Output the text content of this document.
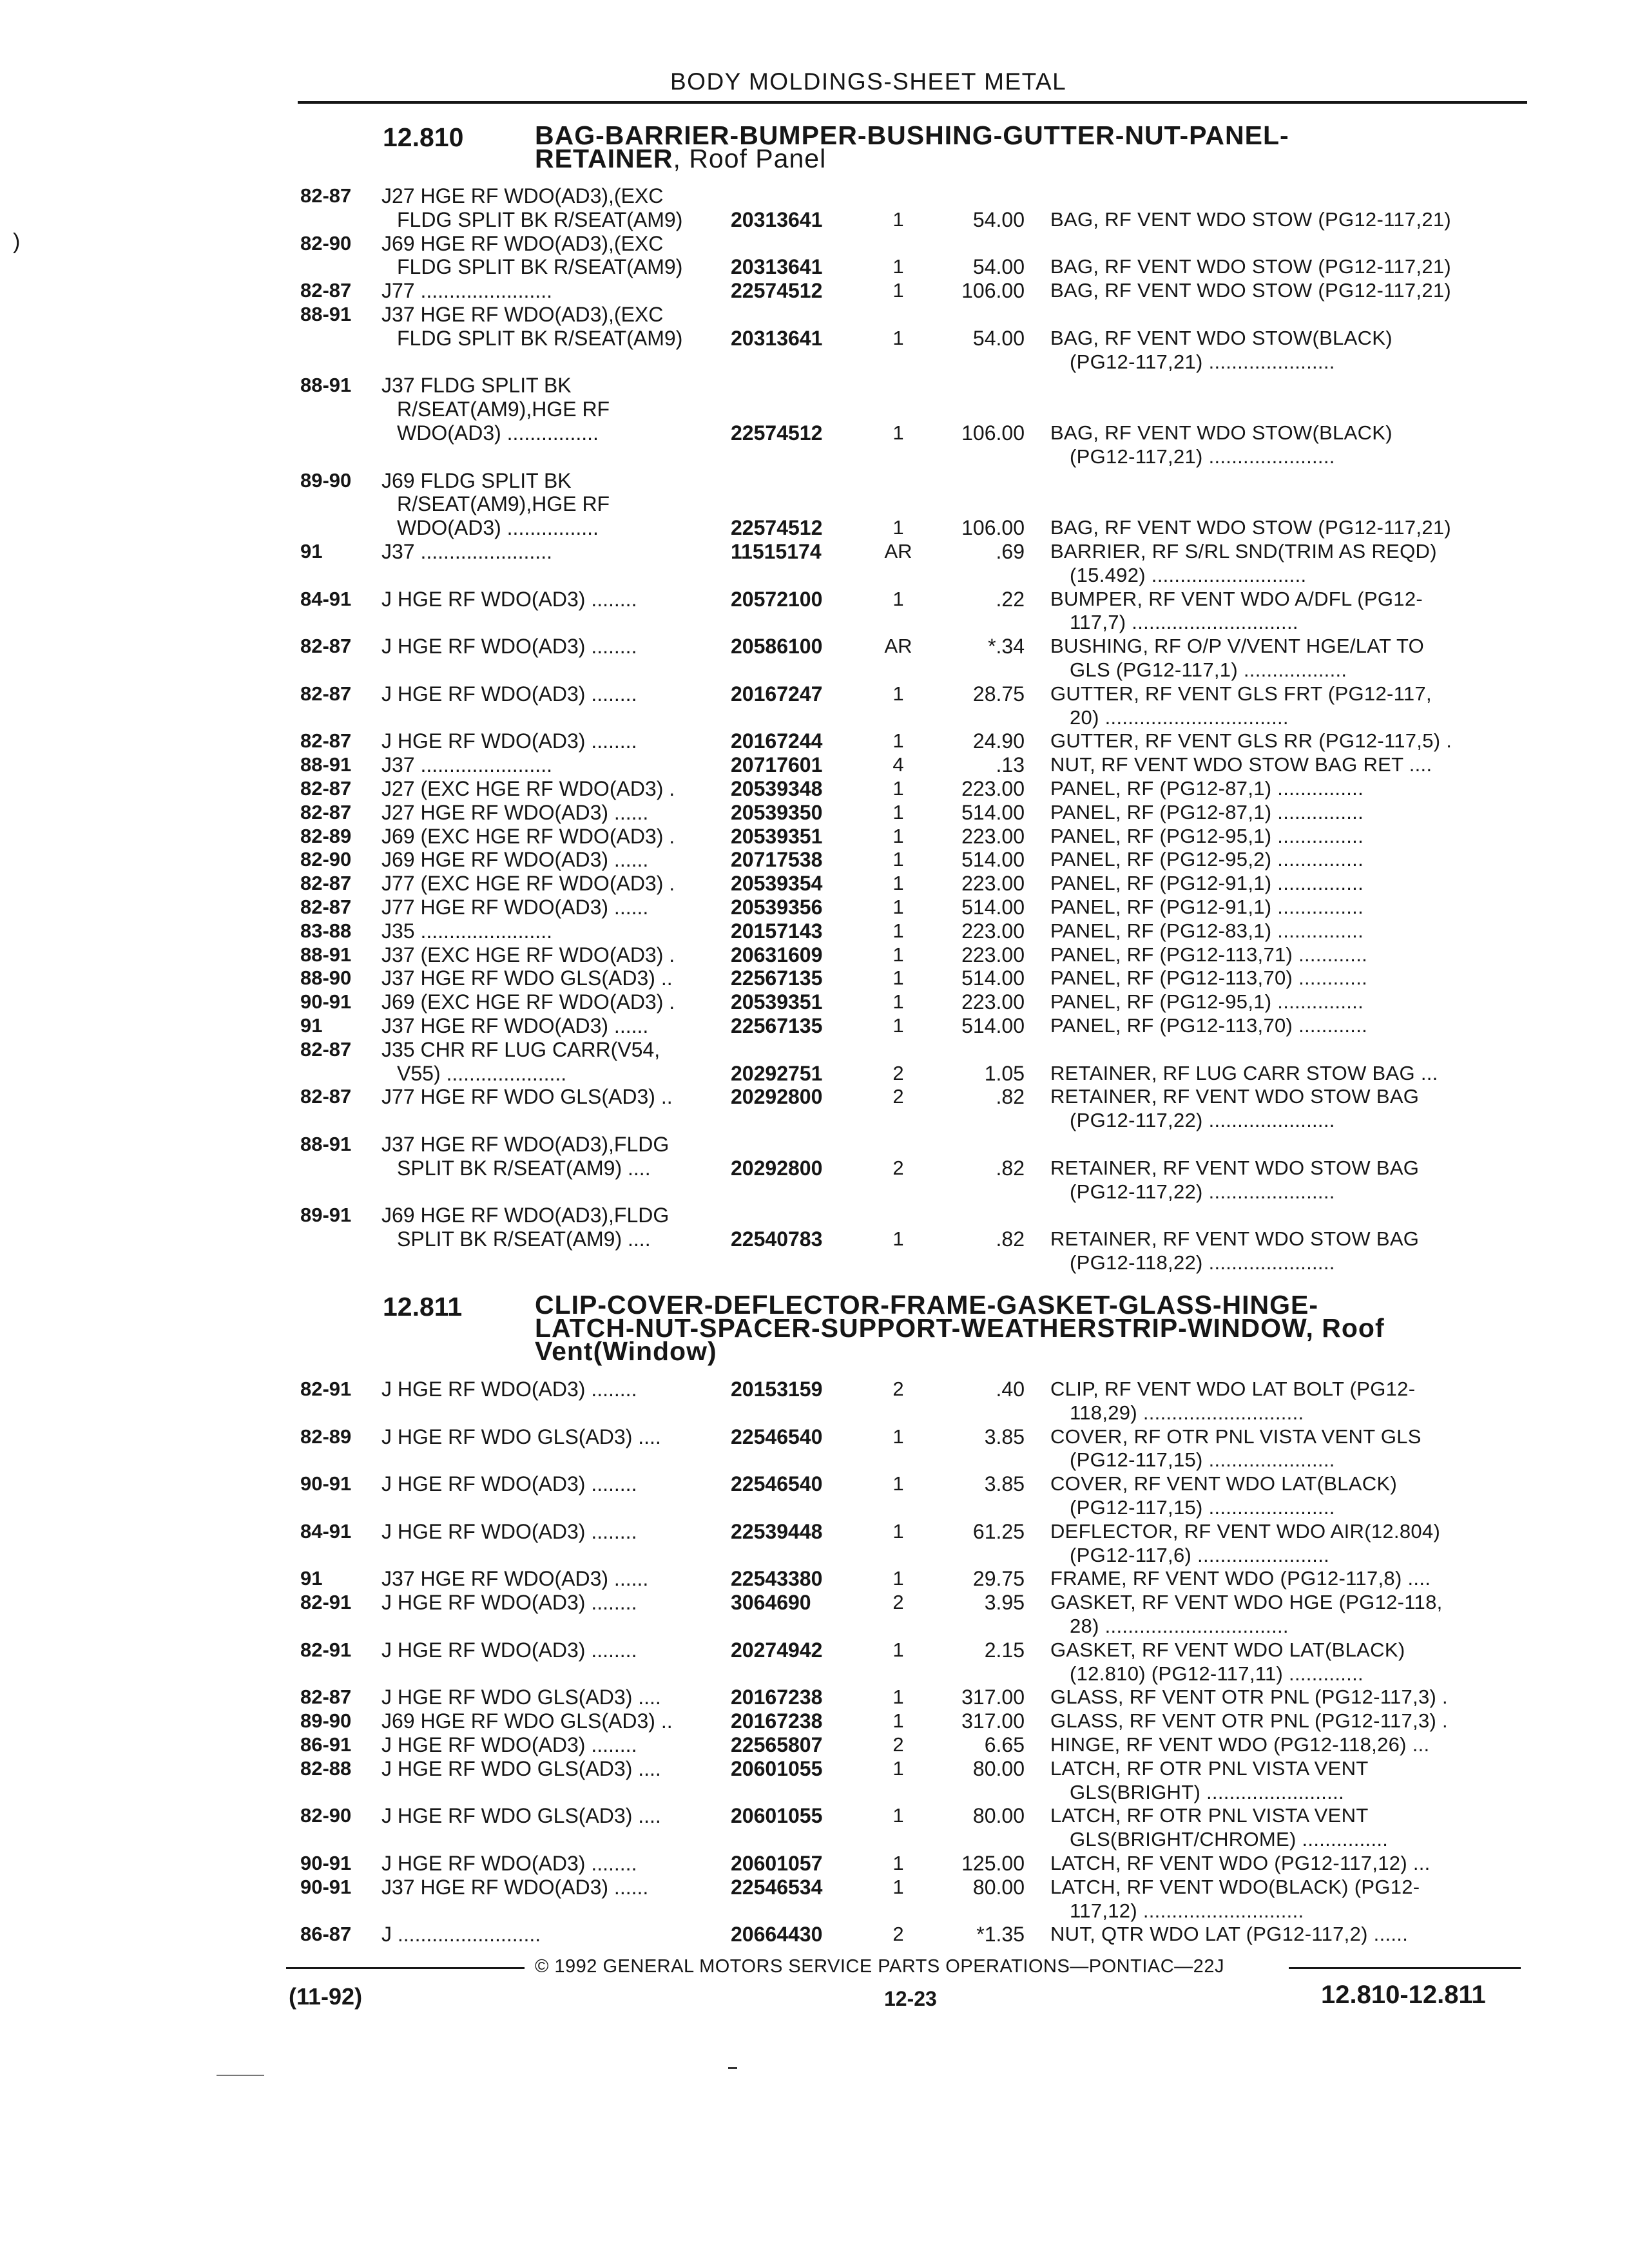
BODY MOLDINGS-SHEET METAL
)
12.810	BAG-BARRIER-BUMPER-BUSHING-GUTTER-NUT-PANEL-
RETAINER, Roof Panel
82-87 J27 HGE RF WDO(AD3),(EXC
FLDG SPLIT BK R/SEAT(AM9) 20313641	1	54.00 BAG, RF VENT WDO STOW (PG12-117,21)
82-90 J69 HGE RF WDO(AD3),(EXC
FLDG SPLIT BK R/SEAT(AM9) 20313641	1	54.00 BAG, RF VENT WDO STOW (PG12-117,21)
82-87 J77 .......................	22574512	1	106.00 BAG, RF VENT WDO STOW (PG12-117,21)
88-91 J37 HGE RF WDO(AD3),(EXC
FLDG SPLIT BK R/SEAT(AM9) 20313641	1	54.00 BAG, RF VENT WDO STOW(BLACK)
(PG12-117,21) ......................
88-91 J37 FLDG SPLIT BK
R/SEAT(AM9),HGE RF
WDO(AD3) ................	22574512	1	106.00 BAG, RF VENT WDO STOW(BLACK)
(PG12-117,21) ......................
89-90 J69 FLDG SPLIT BK
R/SEAT(AM9),HGE RF
WDO(AD3) ................	22574512	1	106.00 BAG, RF VENT WDO STOW (PG12-117,21)
91	J37 .......................	11515174	AR	.69 BARRIER, RF S/RL SND(TRIM AS REQD)
(15.492) ...........................
84-91 J HGE RF WDO(AD3) ........	20572100	1	.22 BUMPER, RF VENT WDO A/DFL (PG12-
117,7) .............................
82-87 J HGE RF WDO(AD3) ........	20586100	AR	*.34 BUSHING, RF O/P V/VENT HGE/LAT TO
GLS (PG12-117,1) ..................
82-87 J HGE RF WDO(AD3) ........	20167247	1	28.75 GUTTER, RF VENT GLS FRT (PG12-117,
20) ................................
82-87 J HGE RF WDO(AD3) ........	20167244	1	24.90 GUTTER, RF VENT GLS RR (PG12-117,5) .
88-91 J37 .......................	20717601	4	.13 NUT, RF VENT WDO STOW BAG RET ....
82-87 J27 (EXC HGE RF WDO(AD3) .	20539348	1	223.00 PANEL, RF (PG12-87,1) ...............
82-87 J27 HGE RF WDO(AD3) ......	20539350	1	514.00 PANEL, RF (PG12-87,1) ...............
82-89 J69 (EXC HGE RF WDO(AD3) .	20539351	1	223.00 PANEL, RF (PG12-95,1) ...............
82-90 J69 HGE RF WDO(AD3) ......	20717538	1	514.00 PANEL, RF (PG12-95,2) ...............
82-87 J77 (EXC HGE RF WDO(AD3) .	20539354	1	223.00 PANEL, RF (PG12-91,1) ...............
82-87 J77 HGE RF WDO(AD3) ......	20539356	1	514.00 PANEL, RF (PG12-91,1) ...............
83-88 J35 .......................	20157143	1	223.00 PANEL, RF (PG12-83,1) ...............
88-91 J37 (EXC HGE RF WDO(AD3) .	20631609	1	223.00 PANEL, RF (PG12-113,71) ............
88-90 J37 HGE RF WDO GLS(AD3) ..	22567135	1	514.00 PANEL, RF (PG12-113,70) ............
90-91 J69 (EXC HGE RF WDO(AD3) .	20539351	1	223.00 PANEL, RF (PG12-95,1) ...............
91	J37 HGE RF WDO(AD3) ......	22567135	1	514.00 PANEL, RF (PG12-113,70) ............
82-87 J35 CHR RF LUG CARR(V54,
V55) .....................	20292751	2	1.05 RETAINER, RF LUG CARR STOW BAG ...
82-87 J77 HGE RF WDO GLS(AD3) ..	20292800	2	.82 RETAINER, RF VENT WDO STOW BAG
(PG12-117,22) ......................
88-91 J37 HGE RF WDO(AD3),FLDG
SPLIT BK R/SEAT(AM9) ....	20292800	2	.82 RETAINER, RF VENT WDO STOW BAG
(PG12-117,22) ......................
89-91 J69 HGE RF WDO(AD3),FLDG
SPLIT BK R/SEAT(AM9) ....	22540783	1	.82 RETAINER, RF VENT WDO STOW BAG
(PG12-118,22) ......................
12.811	CLIP-COVER-DEFLECTOR-FRAME-GASKET-GLASS-HINGE-
LATCH-NUT-SPACER-SUPPORT-WEATHERSTRIP-WINDOW, Roof
Vent(Window)
82-91 J HGE RF WDO(AD3) ........	20153159	2	.40 CLIP, RF VENT WDO LAT BOLT (PG12-
118,29) ............................
82-89 J HGE RF WDO GLS(AD3) ....	22546540	1	3.85 COVER, RF OTR PNL VISTA VENT GLS
(PG12-117,15) ......................
90-91 J HGE RF WDO(AD3) ........	22546540	1	3.85 COVER, RF VENT WDO LAT(BLACK)
(PG12-117,15) ......................
84-91 J HGE RF WDO(AD3) ........	22539448	1	61.25 DEFLECTOR, RF VENT WDO AIR(12.804)
(PG12-117,6) .......................
91	J37 HGE RF WDO(AD3) ......	22543380	1	29.75 FRAME, RF VENT WDO (PG12-117,8) ....
82-91 J HGE RF WDO(AD3) ........	3064690	2	3.95 GASKET, RF VENT WDO HGE (PG12-118,
28) ................................
82-91 J HGE RF WDO(AD3) ........	20274942	1	2.15 GASKET, RF VENT WDO LAT(BLACK)
(12.810) (PG12-117,11) .............
82-87 J HGE RF WDO GLS(AD3) ....	20167238	1	317.00 GLASS, RF VENT OTR PNL (PG12-117,3) .
89-90 J69 HGE RF WDO GLS(AD3) ..	20167238	1	317.00 GLASS, RF VENT OTR PNL (PG12-117,3) .
86-91 J HGE RF WDO(AD3) ........	22565807	2	6.65 HINGE, RF VENT WDO (PG12-118,26) ...
82-88 J HGE RF WDO GLS(AD3) ....	20601055	1	80.00 LATCH, RF OTR PNL VISTA VENT
GLS(BRIGHT) ........................
82-90 J HGE RF WDO GLS(AD3) ....	20601055	1	80.00 LATCH, RF OTR PNL VISTA VENT
GLS(BRIGHT/CHROME) ...............
90-91 J HGE RF WDO(AD3) ........	20601057	1	125.00 LATCH, RF VENT WDO (PG12-117,12) ...
90-91 J37 HGE RF WDO(AD3) ......	22546534	1	80.00 LATCH, RF VENT WDO(BLACK) (PG12-
117,12) ............................
86-87 J .........................	20664430	2	*1.35 NUT, QTR WDO LAT (PG12-117,2) ......
© 1992 GENERAL MOTORS SERVICE PARTS OPERATIONS—PONTIAC—22J
(11-92)	12-23	12.810-12.811
